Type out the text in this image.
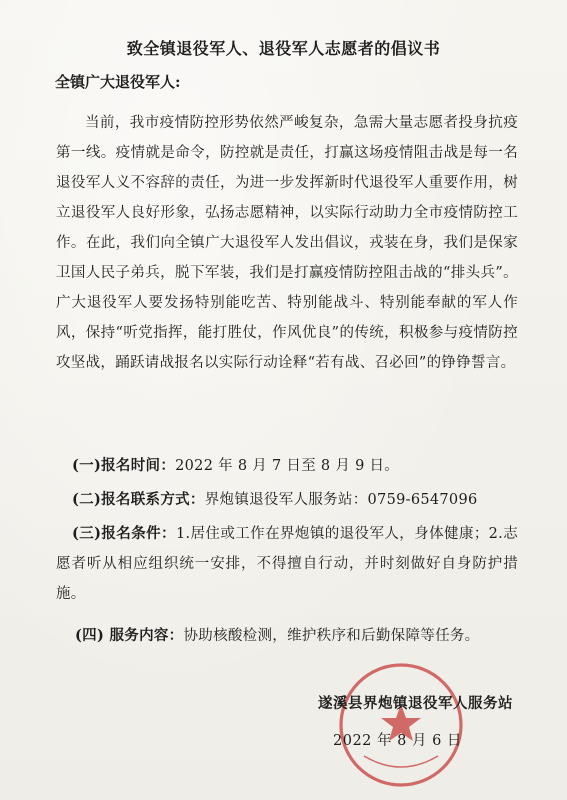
致全镇退役军人、退役军人志愿者的倡议书
全镇广大退役军人:
当前，我市疫情防控形势依然严峻复杂，急需大量志愿者投身抗疫第一线。疫情就是命令，防控就是责任，打赢这场疫情阻击战是每一名退役军人义不容辞的责任，为进一步发挥新时代退役军人重要作用，树立退役军人良好形象，弘扬志愿精神，以实际行动助力全市疫情防控工作。在此，我们向全镇广大退役军人发出倡议，戎装在身，我们是保家卫国人民子弟兵，脱下军装，我们是打赢疫情防控阻击战的“排头兵”。广大退役军人要发扬特别能吃苦、特别能战斗、特别能奉献的军人作风，保持“听党指挥，能打胜仗，作风优良”的传统，积极参与疫情防控攻坚战，踊跃请战报名以实际行动诠释“若有战、召必回”的铮铮誓言。
(一)报名时间：2022 年 8 月 7 日至 8 月 9 日。
(二)报名联系方式：界炮镇退役军人服务站：0759-6547096
(三)报名条件：1.居住或工作在界炮镇的退役军人，身体健康；2.志愿者听从相应组织统一安排，不得擅自行动，并时刻做好自身防护措施。
(四) 服务内容：协助核酸检测，维护秩序和后勤保障等任务。
遂溪县界炮镇退役军人服务站
2022 年 8 月 6 日
